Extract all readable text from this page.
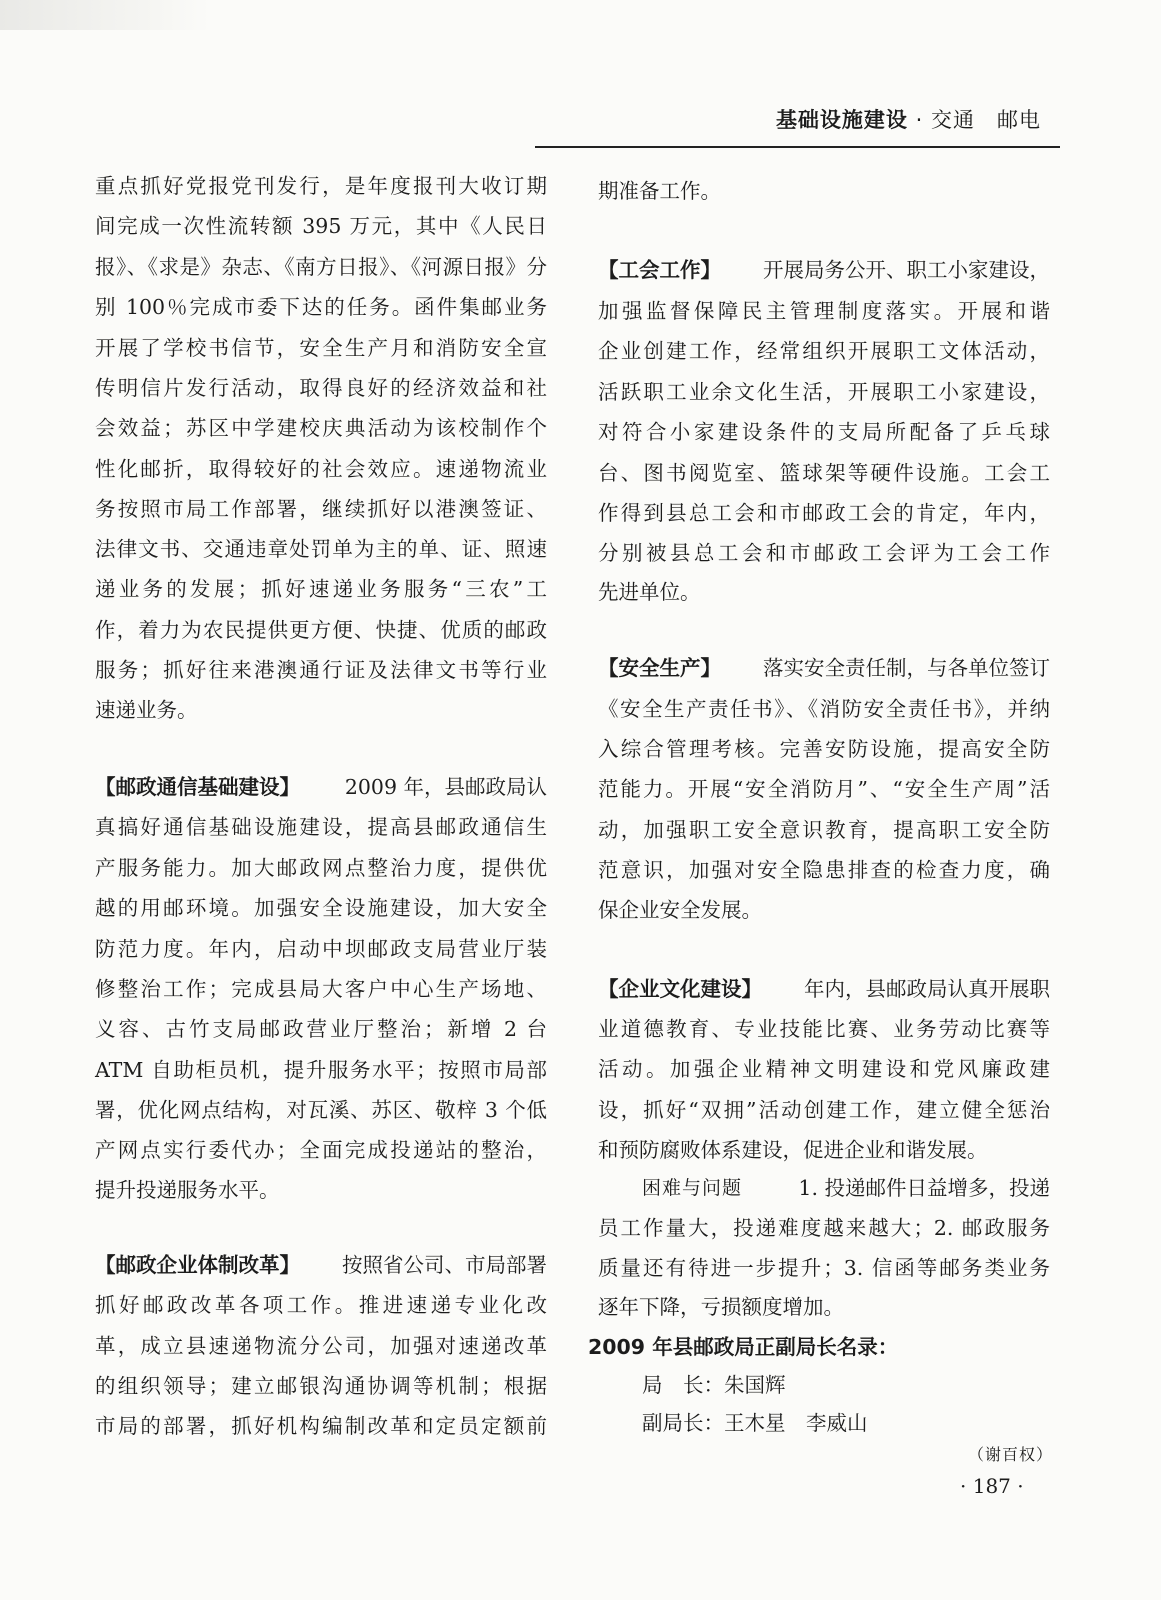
基础设施建设 · 交通　邮电
重点抓好党报党刊发行，是年度报刊大收订期
间完成一次性流转额 395 万元，其中《人民日
报》、《求是》杂志、《南方日报》、《河源日报》分
别 100％完成市委下达的任务。函件集邮业务
开展了学校书信节，安全生产月和消防安全宣
传明信片发行活动，取得良好的经济效益和社
会效益；苏区中学建校庆典活动为该校制作个
性化邮折，取得较好的社会效应。速递物流业
务按照市局工作部署，继续抓好以港澳签证、
法律文书、交通违章处罚单为主的单、证、照速
递业务的发展；抓好速递业务服务“三农”工
作，着力为农民提供更方便、快捷、优质的邮政
服务；抓好往来港澳通行证及法律文书等行业
速递业务。
【邮政通信基础建设】 2009 年，县邮政局认
真搞好通信基础设施建设，提高县邮政通信生
产服务能力。加大邮政网点整治力度，提供优
越的用邮环境。加强安全设施建设，加大安全
防范力度。年内，启动中坝邮政支局营业厅装
修整治工作；完成县局大客户中心生产场地、
义容、古竹支局邮政营业厅整治；新增 2 台
ATM 自助柜员机，提升服务水平；按照市局部
署，优化网点结构，对瓦溪、苏区、敬梓 3 个低
产网点实行委代办；全面完成投递站的整治，
提升投递服务水平。
【邮政企业体制改革】 按照省公司、市局部署
抓好邮政改革各项工作。推进速递专业化改
革，成立县速递物流分公司，加强对速递改革
的组织领导；建立邮银沟通协调等机制；根据
市局的部署，抓好机构编制改革和定员定额前
期准备工作。
【工会工作】 开展局务公开、职工小家建设，
加强监督保障民主管理制度落实。开展和谐
企业创建工作，经常组织开展职工文体活动，
活跃职工业余文化生活，开展职工小家建设，
对符合小家建设条件的支局所配备了乒乓球
台、图书阅览室、篮球架等硬件设施。工会工
作得到县总工会和市邮政工会的肯定，年内，
分别被县总工会和市邮政工会评为工会工作
先进单位。
【安全生产】 落实安全责任制，与各单位签订
《安全生产责任书》、《消防安全责任书》，并纳
入综合管理考核。完善安防设施，提高安全防
范能力。开展“安全消防月”、“安全生产周”活
动，加强职工安全意识教育，提高职工安全防
范意识，加强对安全隐患排查的检查力度，确
保企业安全发展。
【企业文化建设】 年内，县邮政局认真开展职
业道德教育、专业技能比赛、业务劳动比赛等
活动。加强企业精神文明建设和党风廉政建
设，抓好“双拥”活动创建工作，建立健全惩治
和预防腐败体系建设，促进企业和谐发展。
困难与问题	1. 投递邮件日益增多，投递
员工作量大，投递难度越来越大；2. 邮政服务
质量还有待进一步提升；3. 信函等邮务类业务
逐年下降，亏损额度增加。
2009 年县邮政局正副局长名录：
局　长：朱国辉
副局长：王木星　李威山
（谢百权）
· 187 ·
